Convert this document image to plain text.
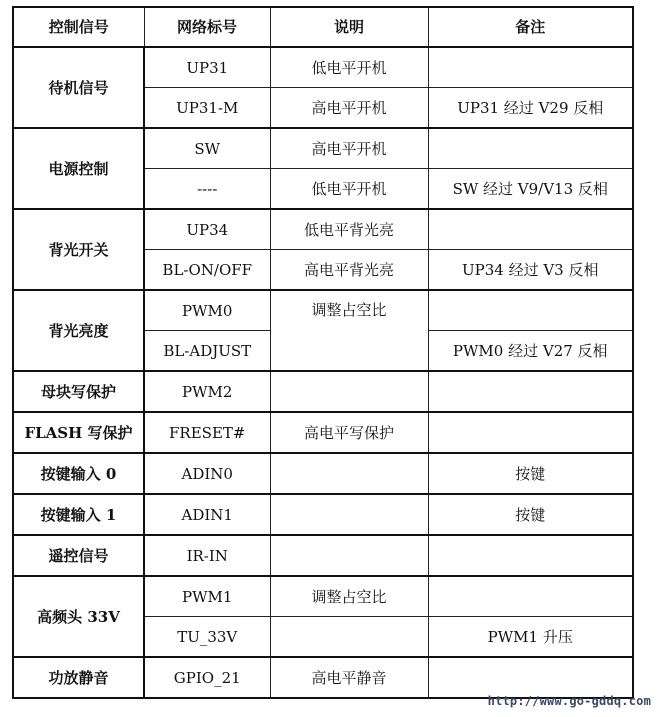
控制信号	网络标号	说明	备注
待机信号	UP31	低电平开机	
	UP31-M	高电平开机	UP31 经过 V29 反相
电源控制	SW	高电平开机	
	----	低电平开机	SW 经过 V9/V13 反相
背光开关	UP34	低电平背光亮	
	BL-ON/OFF	高电平背光亮	UP34 经过 V3 反相
背光亮度	PWM0	调整占空比	
	BL-ADJUST		PWM0 经过 V27 反相
母块写保护	PWM2		
FLASH 写保护	FRESET#	高电平写保护	
按键输入 0	ADIN0		按键
按键输入 1	ADIN1		按键
遥控信号	IR-IN		
高频头 33V	PWM1	调整占空比	
	TU_33V		PWM1 升压
功放静音	GPIO_21	高电平静音	
http://www.go-gddq.com
